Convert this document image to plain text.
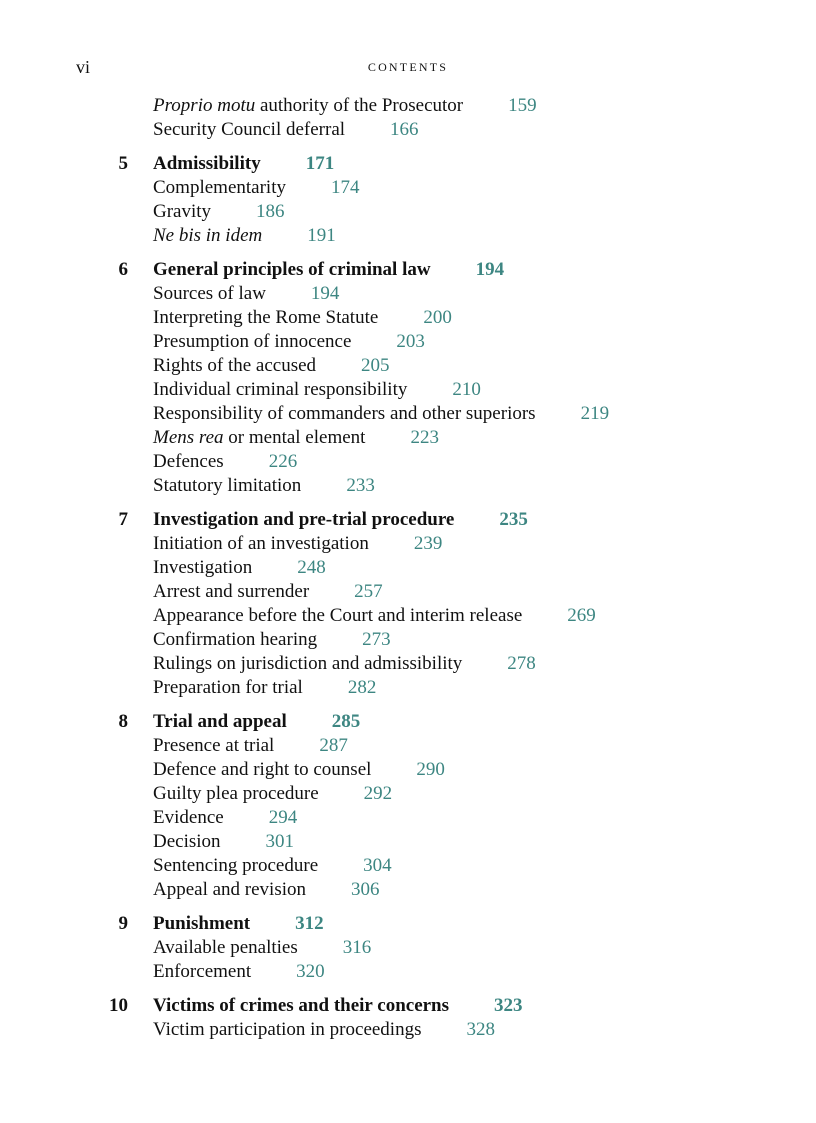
vi	CONTENTS
Proprio motu authority of the Prosecutor 159
Security Council deferral 166
5 Admissibility 171
Complementarity 174
Gravity 186
Ne bis in idem 191
6 General principles of criminal law 194
Sources of law 194
Interpreting the Rome Statute 200
Presumption of innocence 203
Rights of the accused 205
Individual criminal responsibility 210
Responsibility of commanders and other superiors 219
Mens rea or mental element 223
Defences 226
Statutory limitation 233
7 Investigation and pre-trial procedure 235
Initiation of an investigation 239
Investigation 248
Arrest and surrender 257
Appearance before the Court and interim release 269
Confirmation hearing 273
Rulings on jurisdiction and admissibility 278
Preparation for trial 282
8 Trial and appeal 285
Presence at trial 287
Defence and right to counsel 290
Guilty plea procedure 292
Evidence 294
Decision 301
Sentencing procedure 304
Appeal and revision 306
9 Punishment 312
Available penalties 316
Enforcement 320
10 Victims of crimes and their concerns 323
Victim participation in proceedings 328
